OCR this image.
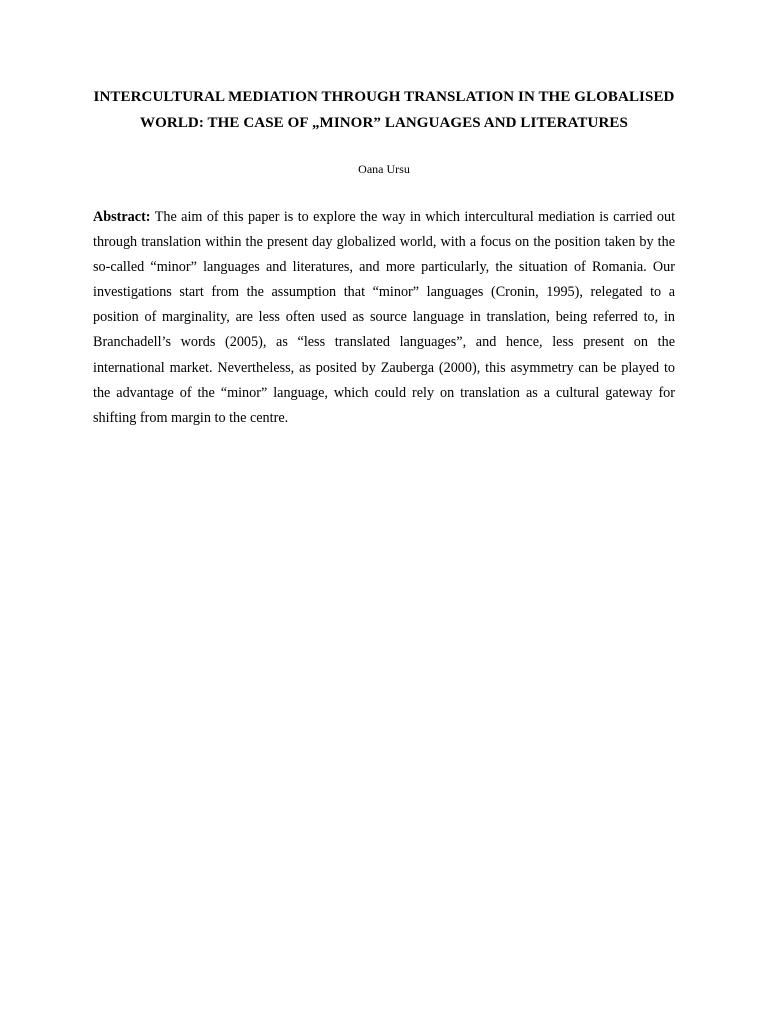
INTERCULTURAL MEDIATION THROUGH TRANSLATION IN THE GLOBALISED WORLD: THE CASE OF „MINOR” LANGUAGES AND LITERATURES
Oana Ursu

Abstract: The aim of this paper is to explore the way in which intercultural mediation is carried out through translation within the present day globalized world, with a focus on the position taken by the so-called “minor” languages and literatures, and more particularly, the situation of Romania. Our investigations start from the assumption that “minor” languages (Cronin, 1995), relegated to a position of marginality, are less often used as source language in translation, being referred to, in Branchadell’s words (2005), as “less translated languages”, and hence, less present on the international market. Nevertheless, as posited by Zauberga (2000), this asymmetry can be played to the advantage of the “minor” language, which could rely on translation as a cultural gateway for shifting from margin to the centre.
